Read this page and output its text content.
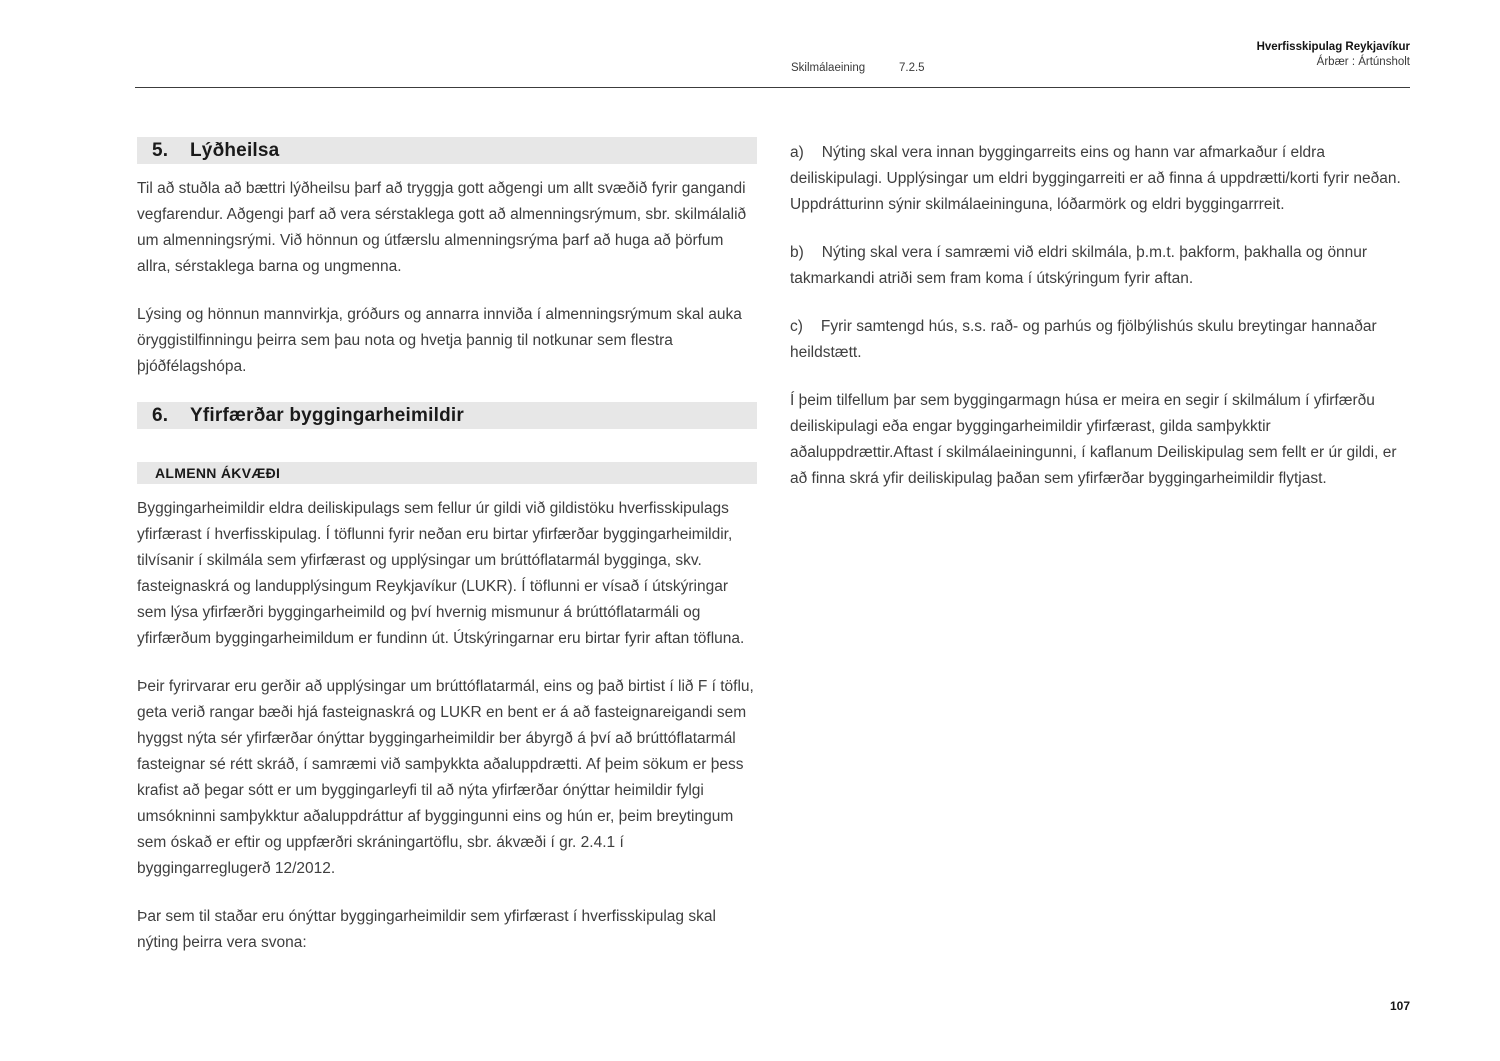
Skilmálaeining	7.2.5
Hverfisskipulag Reykjavíkur
Árbær : Ártúnsholt
5.	Lýðheilsa

Til að stuðla að bættri lýðheilsu þarf að tryggja gott aðgengi um allt svæðið fyrir gangandi vegfarendur. Aðgengi þarf að vera sérstaklega gott að almenningsrýmum, sbr. skilmálalið um almenningsrými. Við hönnun og útfærslu almenningsrýma þarf að huga að þörfum allra, sérstaklega barna og ungmenna.

Lýsing og hönnun mannvirkja, gróðurs og annarra innviða í almenningsrýmum skal auka öryggistilfinningu þeirra sem þau nota og hvetja þannig til notkunar sem flestra þjóðfélagshópa.

6.	Yfirfærðar byggingarheimildir
ALMENN ÁKVÆÐI

Byggingarheimildir eldra deiliskipulags sem fellur úr gildi við gildistöku hverfisskipulags yfirfærast í hverfisskipulag. Í töflunni fyrir neðan eru birtar yfirfærðar byggingarheimildir, tilvísanir í skilmála sem yfirfærast og upplýsingar um brúttóflatarmál bygginga, skv. fasteignaskrá og landupplýsingum Reykjavíkur (LUKR). Í töflunni er vísað í útskýringar sem lýsa yfirfærðri byggingarheimild og því hvernig mismunur á brúttóflatarmáli og yfirfærðum byggingarheimildum er fundinn út. Útskýringarnar eru birtar fyrir aftan töfluna.

Þeir fyrirvarar eru gerðir að upplýsingar um brúttóflatarmál, eins og það birtist í lið F í töflu, geta verið rangar bæði hjá fasteignaskrá og LUKR en bent er á að fasteignareigandi sem hyggst nýta sér yfirfærðar ónýttar byggingarheimildir ber ábyrgð á því að brúttóflatarmál fasteignar sé rétt skráð, í samræmi við samþykkta aðaluppdrætti. Af þeim sökum er þess krafist að þegar sótt er um byggingarleyfi til að nýta yfirfærðar ónýttar heimildir fylgi umsókninni samþykktur aðaluppdráttur af byggingunni eins og hún er, þeim breytingum sem óskað er eftir og uppfærðri skráningartöflu, sbr. ákvæði í gr. 2.4.1 í byggingarreglugerð 12/2012.

Þar sem til staðar eru ónýttar byggingarheimildir sem yfirfærast í hverfisskipulag skal nýting þeirra vera svona:

a) Nýting skal vera innan byggingarreits eins og hann var afmarkaður í eldra deiliskipulagi. Upplýsingar um eldri byggingarreiti er að finna á uppdrætti/korti fyrir neðan. Uppdrátturinn sýnir skilmálaeininguna, lóðarmörk og eldri byggingarrreit.

b) Nýting skal vera í samræmi við eldri skilmála, þ.m.t. þakform, þakhalla og önnur takmarkandi atriði sem fram koma í útskýringum fyrir aftan.

c) Fyrir samtengd hús, s.s. rað- og parhús og fjölbýlishús skulu breytingar hannaðar heildstætt.

Í þeim tilfellum þar sem byggingarmagn húsa er meira en segir í skilmálum í yfirfærðu deiliskipulagi eða engar byggingarheimildir yfirfærast, gilda samþykktir aðaluppdrættir.Aftast í skilmálaeiningunni, í kaflanum Deiliskipulag sem fellt er úr gildi, er að finna skrá yfir deiliskipulag þaðan sem yfirfærðar byggingarheimildir flytjast.

107
